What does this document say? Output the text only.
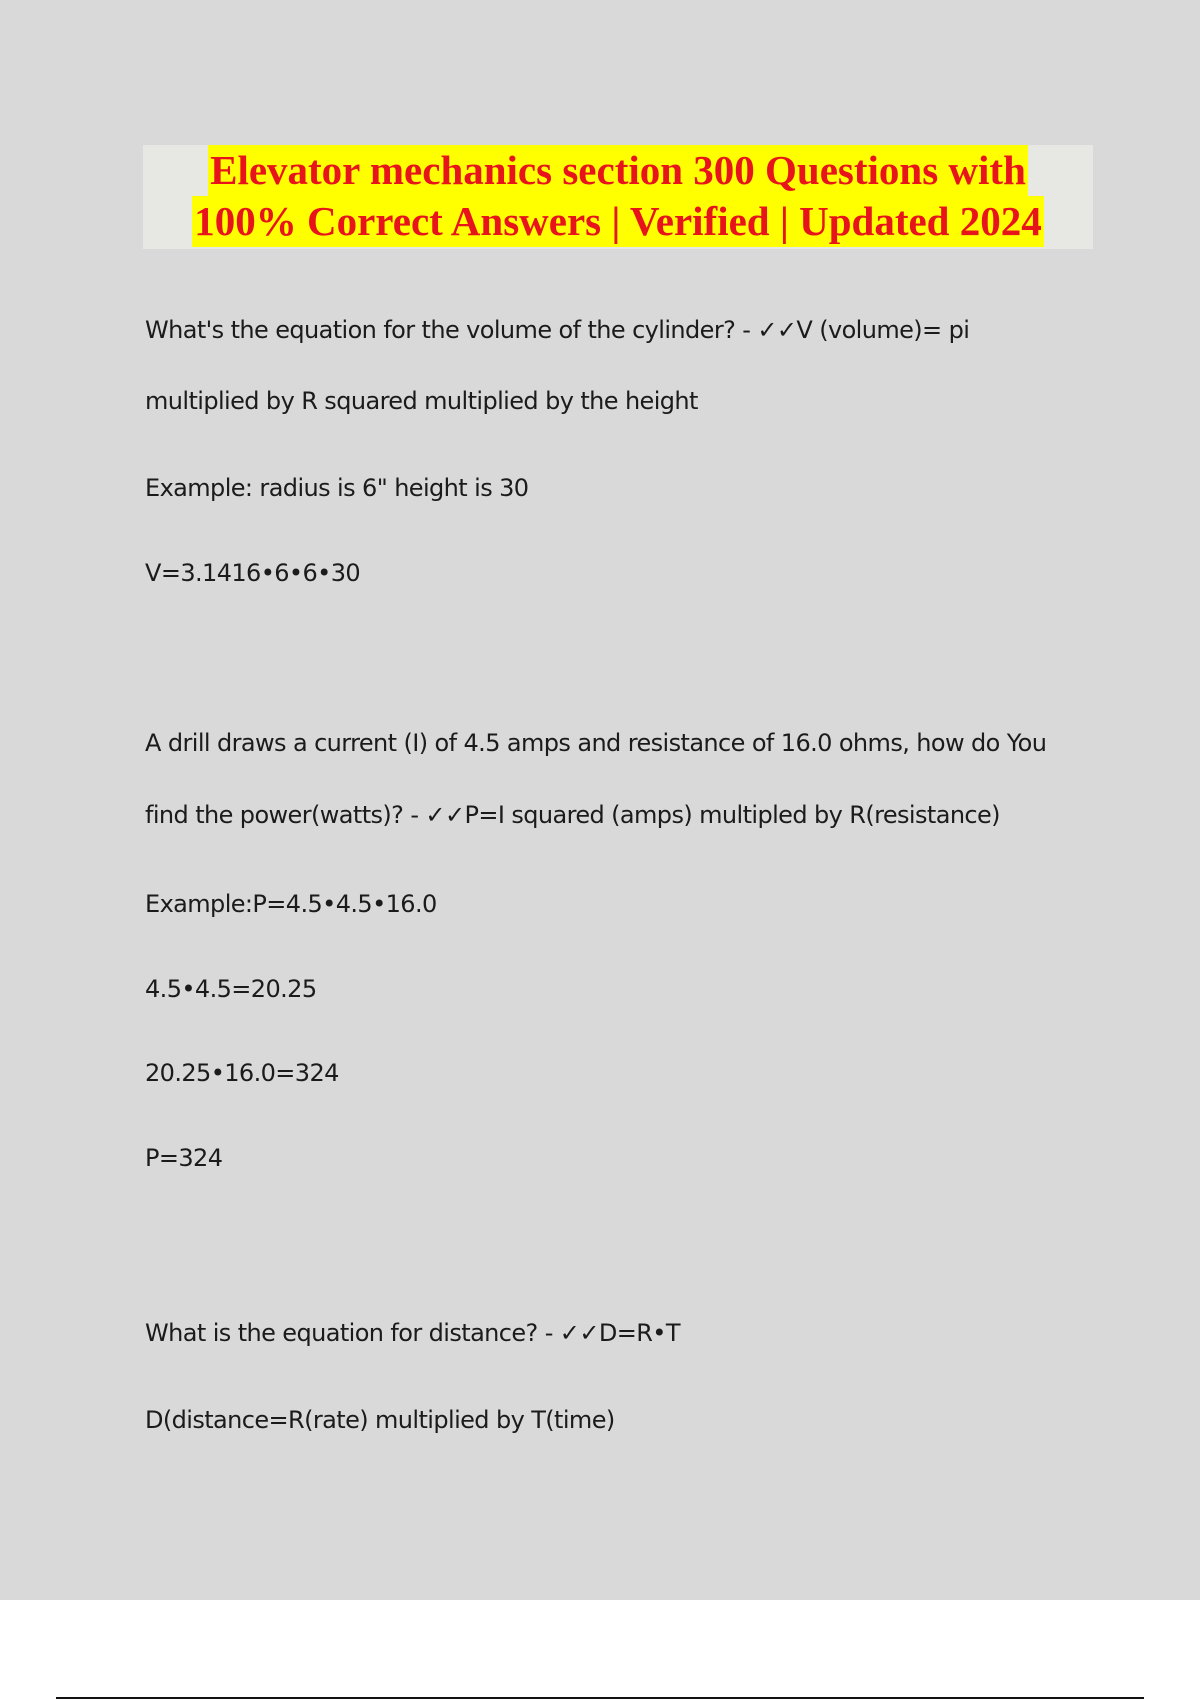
Elevator mechanics section 300 Questions with
100% Correct Answers | Verified | Updated 2024

What's the equation for the volume of the cylinder? - ✓✓V (volume)= pi

multiplied by R squared multiplied by the height

Example: radius is 6" height is 30

V=3.1416•6•6•30

A drill draws a current (I) of 4.5 amps and resistance of 16.0 ohms, how do You

find the power(watts)? - ✓✓P=I squared (amps) multipled by R(resistance)

Example:P=4.5•4.5•16.0

4.5•4.5=20.25

20.25•16.0=324

P=324

What is the equation for distance? - ✓✓D=R•T

D(distance=R(rate) multiplied by T(time)
